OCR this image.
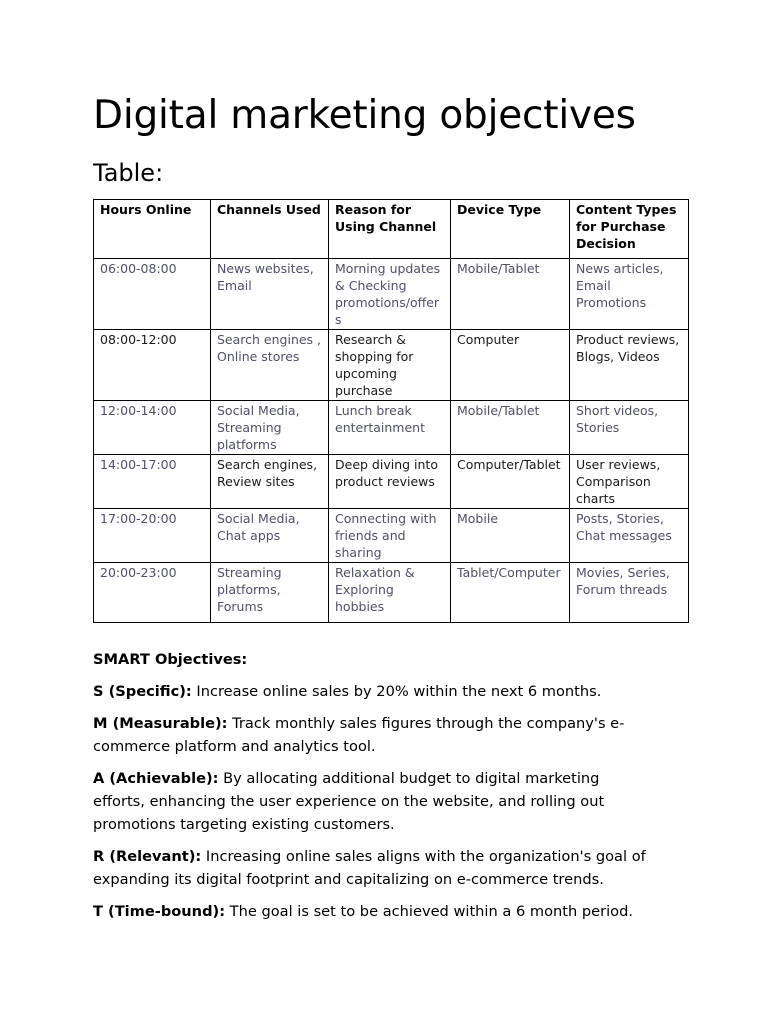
Digital marketing objectives
Table:
Hours Online	Channels Used	Reason for Using Channel	Device Type	Content Types for Purchase Decision
06:00-08:00	News websites, Email	Morning updates & Checking promotions/offers	Mobile/Tablet	News articles, Email Promotions
08:00-12:00	Search engines , Online stores	Research & shopping for upcoming purchase	Computer	Product reviews, Blogs, Videos
12:00-14:00	Social Media, Streaming platforms	Lunch break entertainment	Mobile/Tablet	Short videos, Stories
14:00-17:00	Search engines, Review sites	Deep diving into product reviews	Computer/Tablet	User reviews, Comparison charts
17:00-20:00	Social Media, Chat apps	Connecting with friends and sharing	Mobile	Posts, Stories, Chat messages
20:00-23:00	Streaming platforms, Forums	Relaxation & Exploring hobbies	Tablet/Computer	Movies, Series, Forum threads

SMART Objectives:

S (Specific): Increase online sales by 20% within the next 6 months.

M (Measurable): Track monthly sales figures through the company's e-commerce platform and analytics tool.

A (Achievable): By allocating additional budget to digital marketing efforts, enhancing the user experience on the website, and rolling out promotions targeting existing customers.

R (Relevant): Increasing online sales aligns with the organization's goal of expanding its digital footprint and capitalizing on e-commerce trends.

T (Time-bound): The goal is set to be achieved within a 6 month period.
